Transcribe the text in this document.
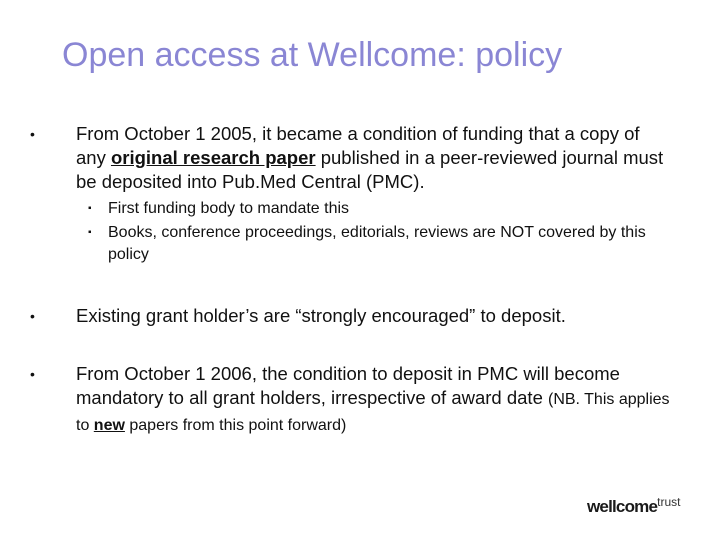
Open access at Wellcome: policy
• From October 1 2005, it became a condition of funding that a copy of any original research paper published in a peer-reviewed journal must be deposited into Pub.Med Central (PMC).
▪ First funding body to mandate this
▪ Books, conference proceedings, editorials, reviews are NOT covered by this policy
• Existing grant holder’s are “strongly encouraged” to deposit.
• From October 1 2006, the condition to deposit in PMC will become mandatory to all grant holders, irrespective of award date (NB. This applies to new papers from this point forward)
wellcome$^{trust}$
